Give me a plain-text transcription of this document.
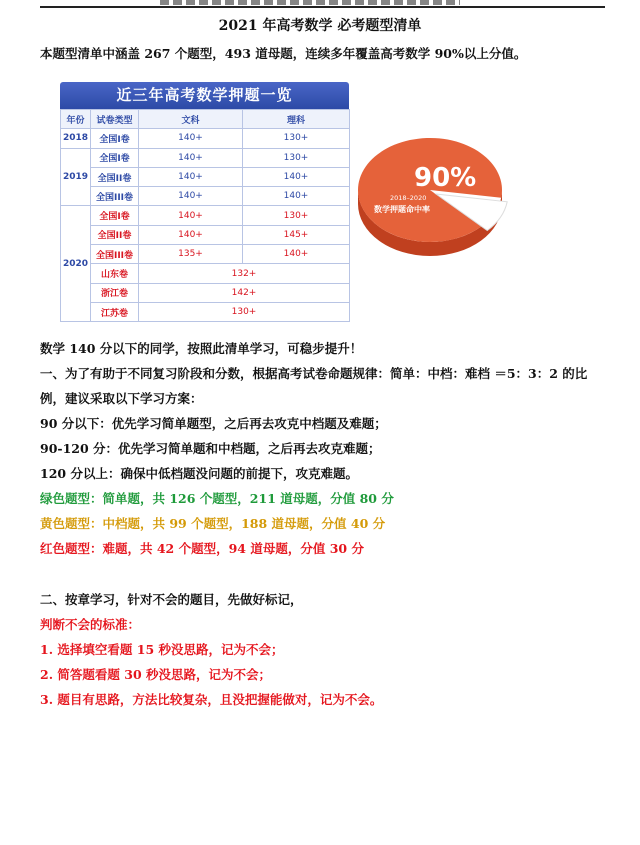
2021 年高考数学 必考题型清单
本题型清单中涵盖 267 个题型，493 道母题，连续多年覆盖高考数学 90%以上分值。
近三年高考数学押题一览
年份	试卷类型	文科	理科
2018	全国I卷	140+	130+
2019	全国I卷	140+	130+
	全国II卷	140+	140+
	全国III卷	140+	140+
2020	全国I卷	140+	130+
	全国II卷	140+	145+
	全国III卷	135+	140+
	山东卷	132+	
	浙江卷	142+	
	江苏卷	130+	
90%
2018–2020
数学押题命中率
数学 140 分以下的同学，按照此清单学习，可稳步提升！
一、为了有助于不同复习阶段和分数，根据高考试卷命题规律：简单：中档：难档 ＝5：3：2 的比
例，建议采取以下学习方案：
90 分以下：优先学习简单题型，之后再去攻克中档题及难题；
90-120 分：优先学习简单题和中档题，之后再去攻克难题；
120 分以上：确保中低档题没问题的前提下，攻克难题。
绿色题型：简单题，共 126 个题型，211 道母题，分值 80 分
黄色题型：中档题，共 99 个题型，188 道母题，分值 40 分
红色题型：难题，共 42 个题型，94 道母题，分值 30 分
二、按章学习，针对不会的题目，先做好标记，
判断不会的标准：
1. 选择填空看题 15 秒没思路，记为不会；
2. 简答题看题 30 秒没思路，记为不会；
3. 题目有思路，方法比较复杂，且没把握能做对，记为不会。
